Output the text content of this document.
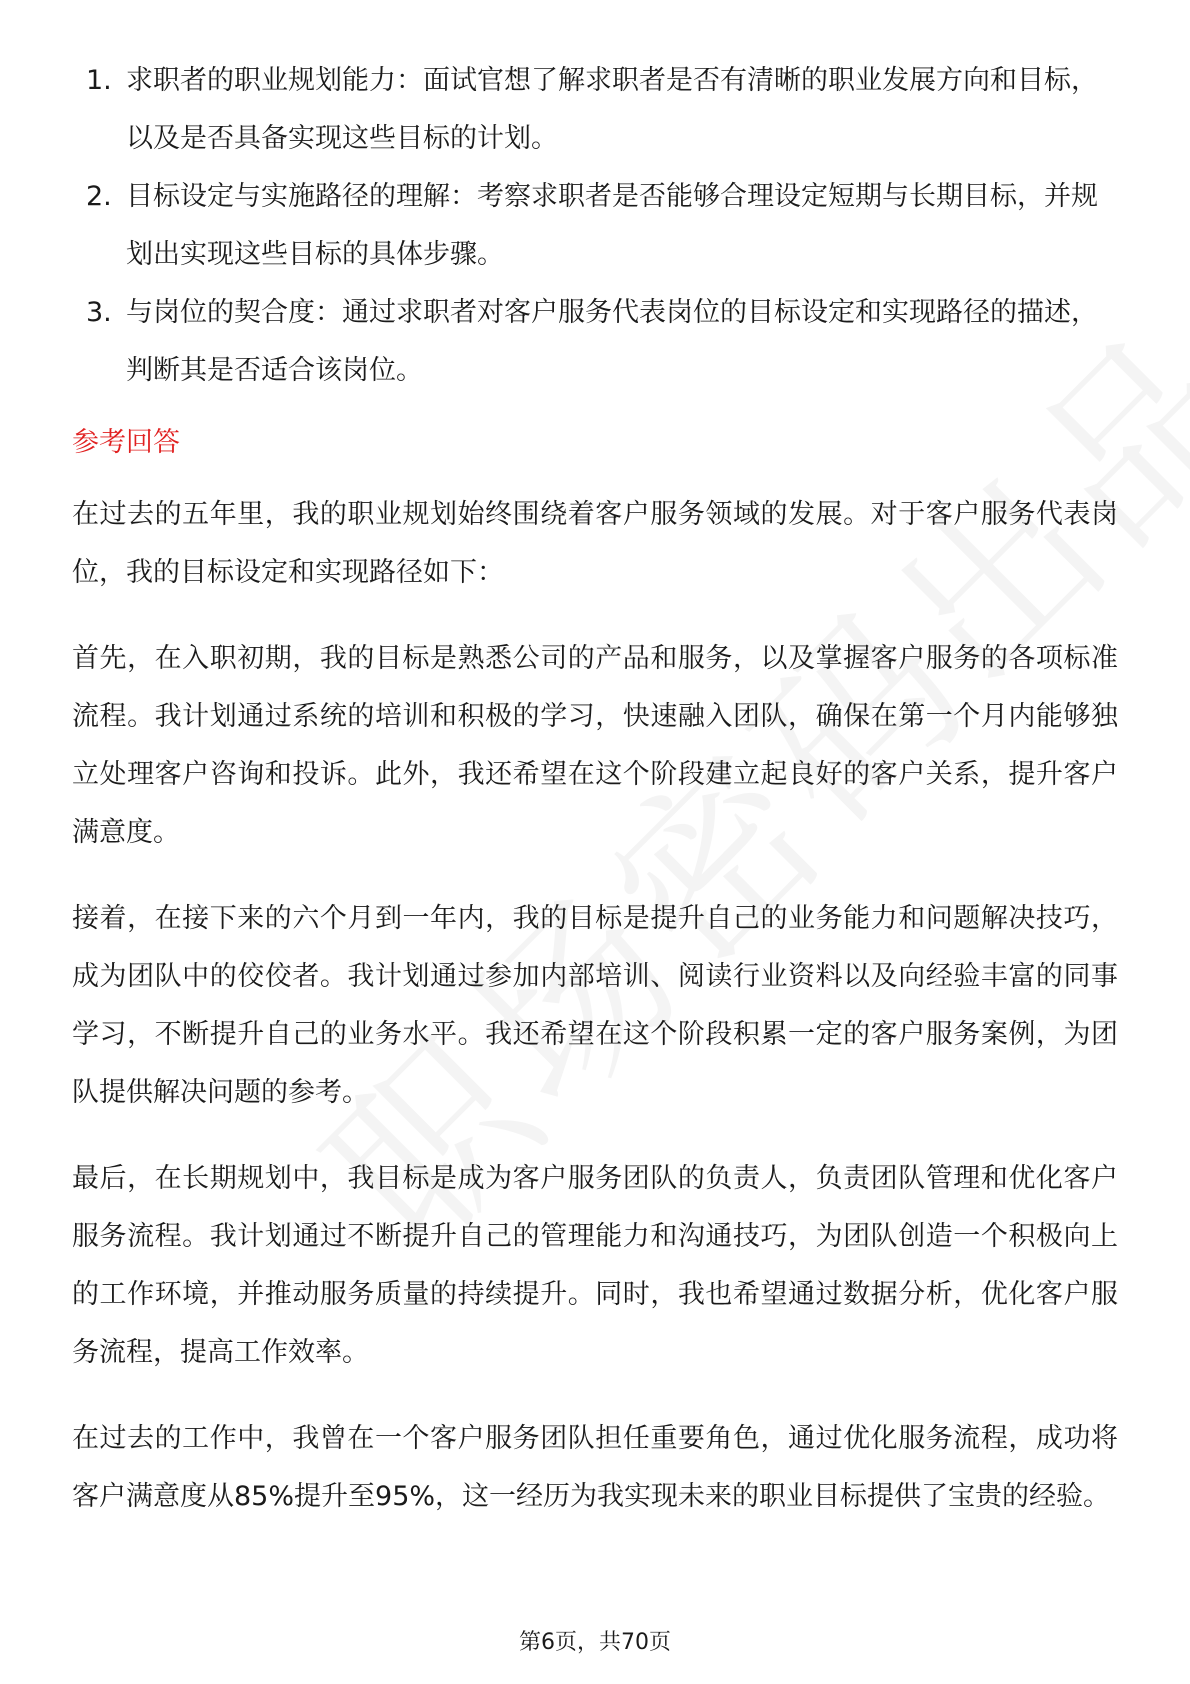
1. 求职者的职业规划能力：面试官想了解求职者是否有清晰的职业发展方向和目标，以及是否具备实现这些目标的计划。
2. 目标设定与实施路径的理解：考察求职者是否能够合理设定短期与长期目标，并规划出实现这些目标的具体步骤。
3. 与岗位的契合度：通过求职者对客户服务代表岗位的目标设定和实现路径的描述，判断其是否适合该岗位。
参考回答

在过去的五年里，我的职业规划始终围绕着客户服务领域的发展。对于客户服务代表岗位，我的目标设定和实现路径如下：

首先，在入职初期，我的目标是熟悉公司的产品和服务，以及掌握客户服务的各项标准流程。我计划通过系统的培训和积极的学习，快速融入团队，确保在第一个月内能够独立处理客户咨询和投诉。此外，我还希望在这个阶段建立起良好的客户关系，提升客户满意度。

接着，在接下来的六个月到一年内，我的目标是提升自己的业务能力和问题解决技巧，成为团队中的佼佼者。我计划通过参加内部培训、阅读行业资料以及向经验丰富的同事学习，不断提升自己的业务水平。我还希望在这个阶段积累一定的客户服务案例，为团队提供解决问题的参考。

最后，在长期规划中，我目标是成为客户服务团队的负责人，负责团队管理和优化客户服务流程。我计划通过不断提升自己的管理能力和沟通技巧，为团队创造一个积极向上的工作环境，并推动服务质量的持续提升。同时，我也希望通过数据分析，优化客户服务流程，提高工作效率。

在过去的工作中，我曾在一个客户服务团队担任重要角色，通过优化服务流程，成功将客户满意度从85%提升至95%，这一经历为我实现未来的职业目标提供了宝贵的经验。

第6页，共70页
